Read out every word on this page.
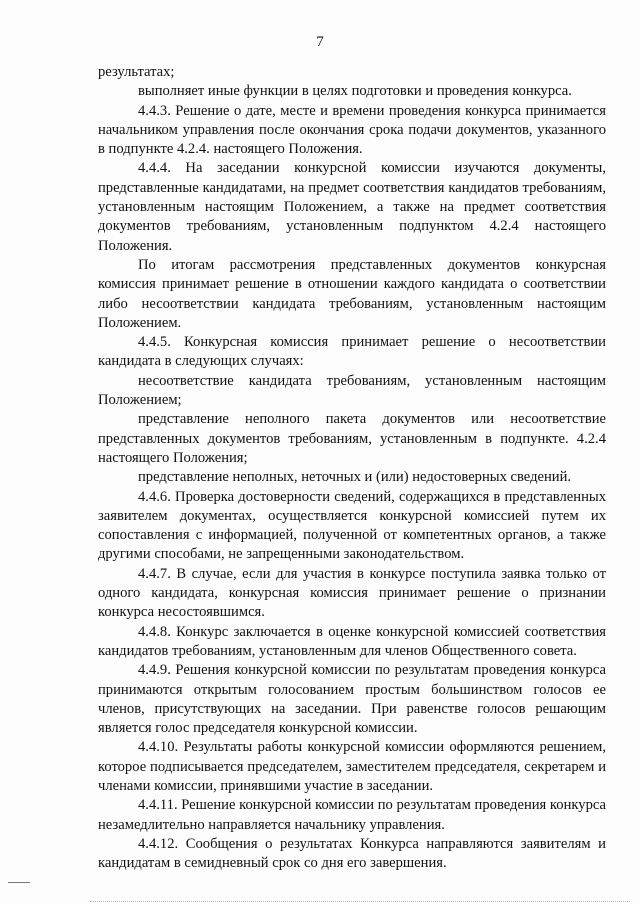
7

результатах;

выполняет иные функции в целях подготовки и проведения конкурса.

4.4.3. Решение о дате, месте и времени проведения конкурса принимается начальником управления после окончания срока подачи документов, указанного в подпункте 4.2.4. настоящего Положения.

4.4.4. На заседании конкурсной комиссии изучаются документы, представленные кандидатами, на предмет соответствия кандидатов требованиям, установленным настоящим Положением, а также на предмет соответствия документов требованиям, установленным подпунктом 4.2.4 настоящего Положения.

По итогам рассмотрения представленных документов конкурсная комиссия принимает решение в отношении каждого кандидата о соответствии либо несоответствии кандидата требованиям, установленным настоящим Положением.

4.4.5. Конкурсная комиссия принимает решение о несоответствии кандидата в следующих случаях:

несоответствие кандидата требованиям, установленным настоящим Положением;

представление неполного пакета документов или несоответствие представленных документов требованиям, установленным в подпункте. 4.2.4 настоящего Положения;

представление неполных, неточных и (или) недостоверных сведений.

4.4.6. Проверка достоверности сведений, содержащихся в представленных заявителем документах, осуществляется конкурсной комиссией путем их сопоставления с информацией, полученной от компетентных органов, а также другими способами, не запрещенными законодательством.

4.4.7. В случае, если для участия в конкурсе поступила заявка только от одного кандидата, конкурсная комиссия принимает решение о признании конкурса несостоявшимся.

4.4.8. Конкурс заключается в оценке конкурсной комиссией соответствия кандидатов требованиям, установленным для членов Общественного совета.

4.4.9. Решения конкурсной комиссии по результатам проведения конкурса принимаются открытым голосованием простым большинством голосов ее членов, присутствующих на заседании. При равенстве голосов решающим является голос председателя конкурсной комиссии.

4.4.10. Результаты работы конкурсной комиссии оформляются решением, которое подписывается председателем, заместителем председателя, секретарем и членами комиссии, принявшими участие в заседании.

4.4.11. Решение конкурсной комиссии по результатам проведения конкурса незамедлительно направляется начальнику управления.

4.4.12. Сообщения о результатах Конкурса направляются заявителям и кандидатам в семидневный срок со дня его завершения.
